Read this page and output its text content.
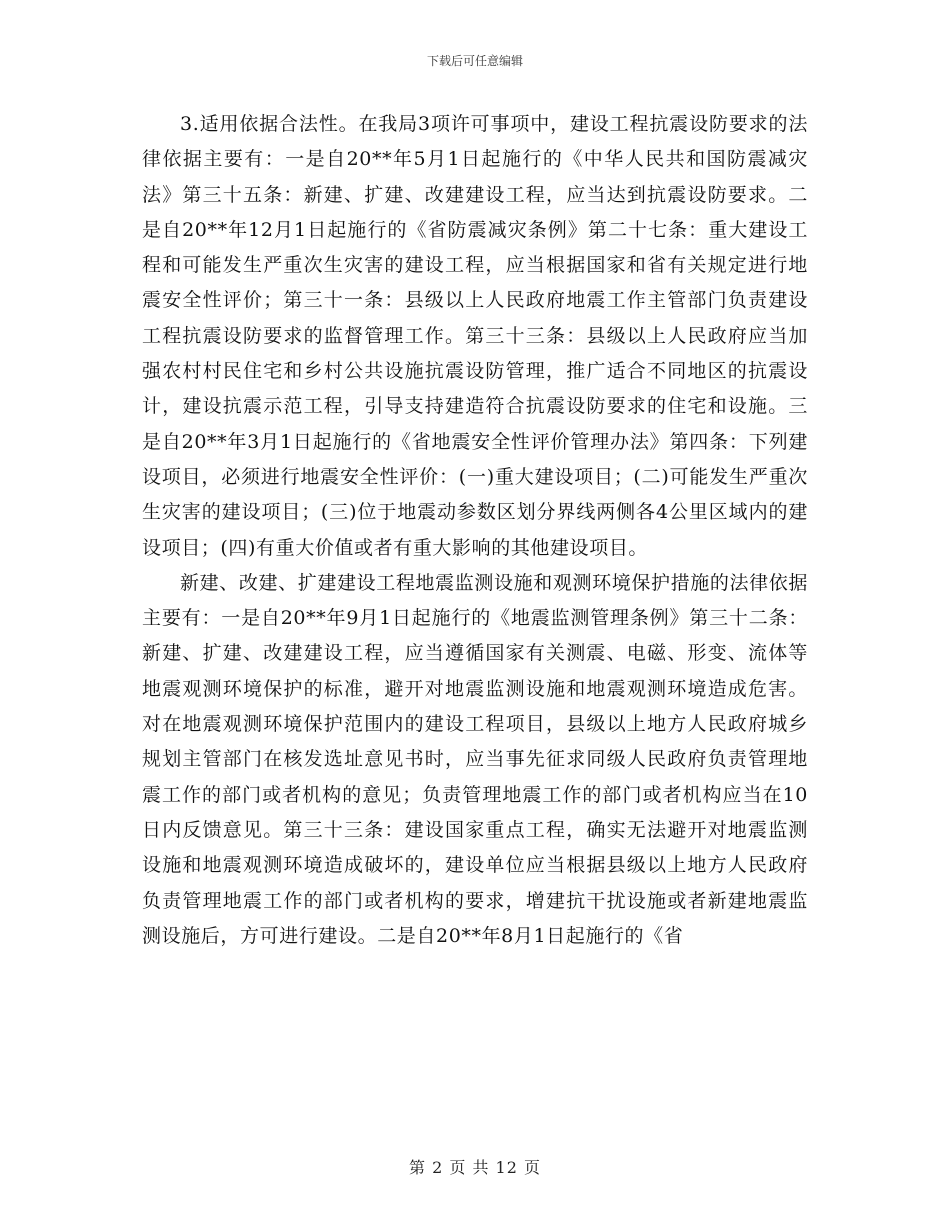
下载后可任意编辑

3.适用依据合法性。在我局3项许可事项中，建设工程抗震设防要求的法律依据主要有：一是自20**年5月1日起施行的《中华人民共和国防震减灾法》第三十五条：新建、扩建、改建建设工程，应当达到抗震设防要求。二是自20**年12月1日起施行的《省防震减灾条例》第二十七条：重大建设工程和可能发生严重次生灾害的建设工程，应当根据国家和省有关规定进行地震安全性评价；第三十一条：县级以上人民政府地震工作主管部门负责建设工程抗震设防要求的监督管理工作。第三十三条：县级以上人民政府应当加强农村村民住宅和乡村公共设施抗震设防管理，推广适合不同地区的抗震设计，建设抗震示范工程，引导支持建造符合抗震设防要求的住宅和设施。三是自20**年3月1日起施行的《省地震安全性评价管理办法》第四条：下列建设项目，必须进行地震安全性评价：(一)重大建设项目；(二)可能发生严重次生灾害的建设项目；(三)位于地震动参数区划分界线两侧各4公里区域内的建设项目；(四)有重大价值或者有重大影响的其他建设项目。

新建、改建、扩建建设工程地震监测设施和观测环境保护措施的法律依据主要有：一是自20**年9月1日起施行的《地震监测管理条例》第三十二条：新建、扩建、改建建设工程，应当遵循国家有关测震、电磁、形变、流体等地震观测环境保护的标准，避开对地震监测设施和地震观测环境造成危害。对在地震观测环境保护范围内的建设工程项目，县级以上地方人民政府城乡规划主管部门在核发选址意见书时，应当事先征求同级人民政府负责管理地震工作的部门或者机构的意见；负责管理地震工作的部门或者机构应当在10日内反馈意见。第三十三条：建设国家重点工程，确实无法避开对地震监测设施和地震观测环境造成破坏的，建设单位应当根据县级以上地方人民政府负责管理地震工作的部门或者机构的要求，增建抗干扰设施或者新建地震监测设施后，方可进行建设。二是自20**年8月1日起施行的《省

第 2 页 共 12 页
